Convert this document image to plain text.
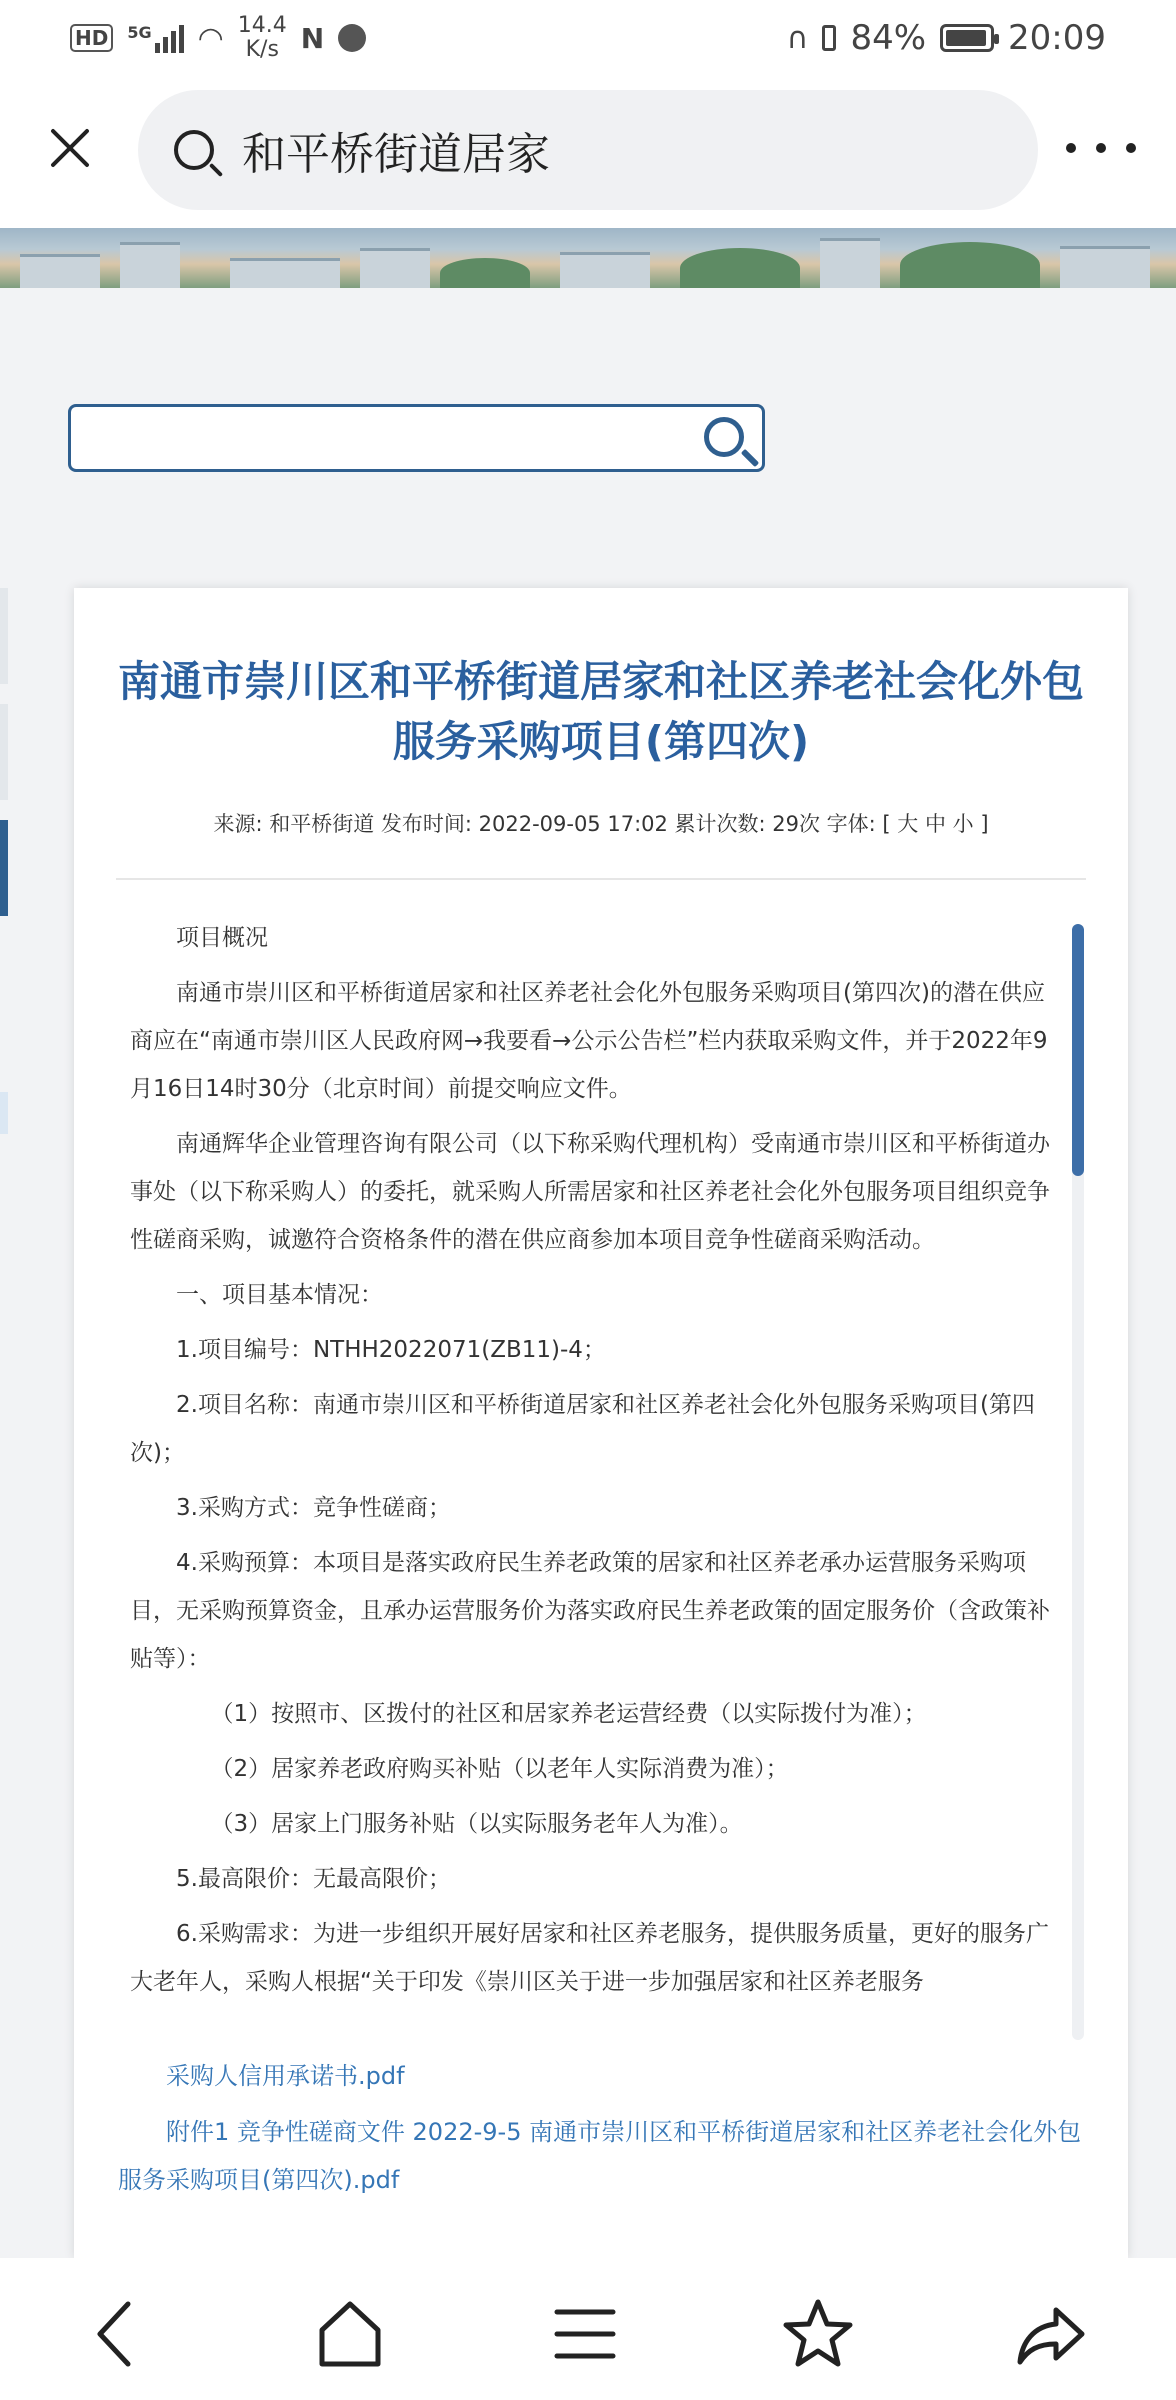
HD	5G ◠ 14.4
K/s N	∩ 84% 20:09
和平桥街道居家
南通市崇川区和平桥街道居家和社区养老社会化外包服务采购项目(第四次)
来源: 和平桥街道 发布时间: 2022-09-05 17:02 累计次数: 29次 字体: [ 大 中 小 ]

项目概况

南通市崇川区和平桥街道居家和社区养老社会化外包服务采购项目(第四次)的潜在供应商应在“南通市崇川区人民政府网→我要看→公示公告栏”栏内获取采购文件，并于2022年9月16日14时30分（北京时间）前提交响应文件。

南通辉华企业管理咨询有限公司（以下称采购代理机构）受南通市崇川区和平桥街道办事处（以下称采购人）的委托，就采购人所需居家和社区养老社会化外包服务项目组织竞争性磋商采购，诚邀符合资格条件的潜在供应商参加本项目竞争性磋商采购活动。

一、项目基本情况：

1.项目编号：NTHH2022071(ZB11)-4；

2.项目名称：南通市崇川区和平桥街道居家和社区养老社会化外包服务采购项目(第四次)；

3.采购方式：竞争性磋商；

4.采购预算：本项目是落实政府民生养老政策的居家和社区养老承办运营服务采购项目，无采购预算资金，且承办运营服务价为落实政府民生养老政策的固定服务价（含政策补贴等）：

（1）按照市、区拨付的社区和居家养老运营经费（以实际拨付为准）；

（2）居家养老政府购买补贴（以老年人实际消费为准）；

（3）居家上门服务补贴（以实际服务老年人为准）。

5.最高限价：无最高限价；

6.采购需求：为进一步组织开展好居家和社区养老服务，提供服务质量，更好的服务广大老年人，采购人根据“关于印发《崇川区关于进一步加强居家和社区养老服务

采购人信用承诺书.pdf
附件1 竞争性磋商文件 2022-9-5 南通市崇川区和平桥街道居家和社区养老社会化外包服务采购项目(第四次).pdf
